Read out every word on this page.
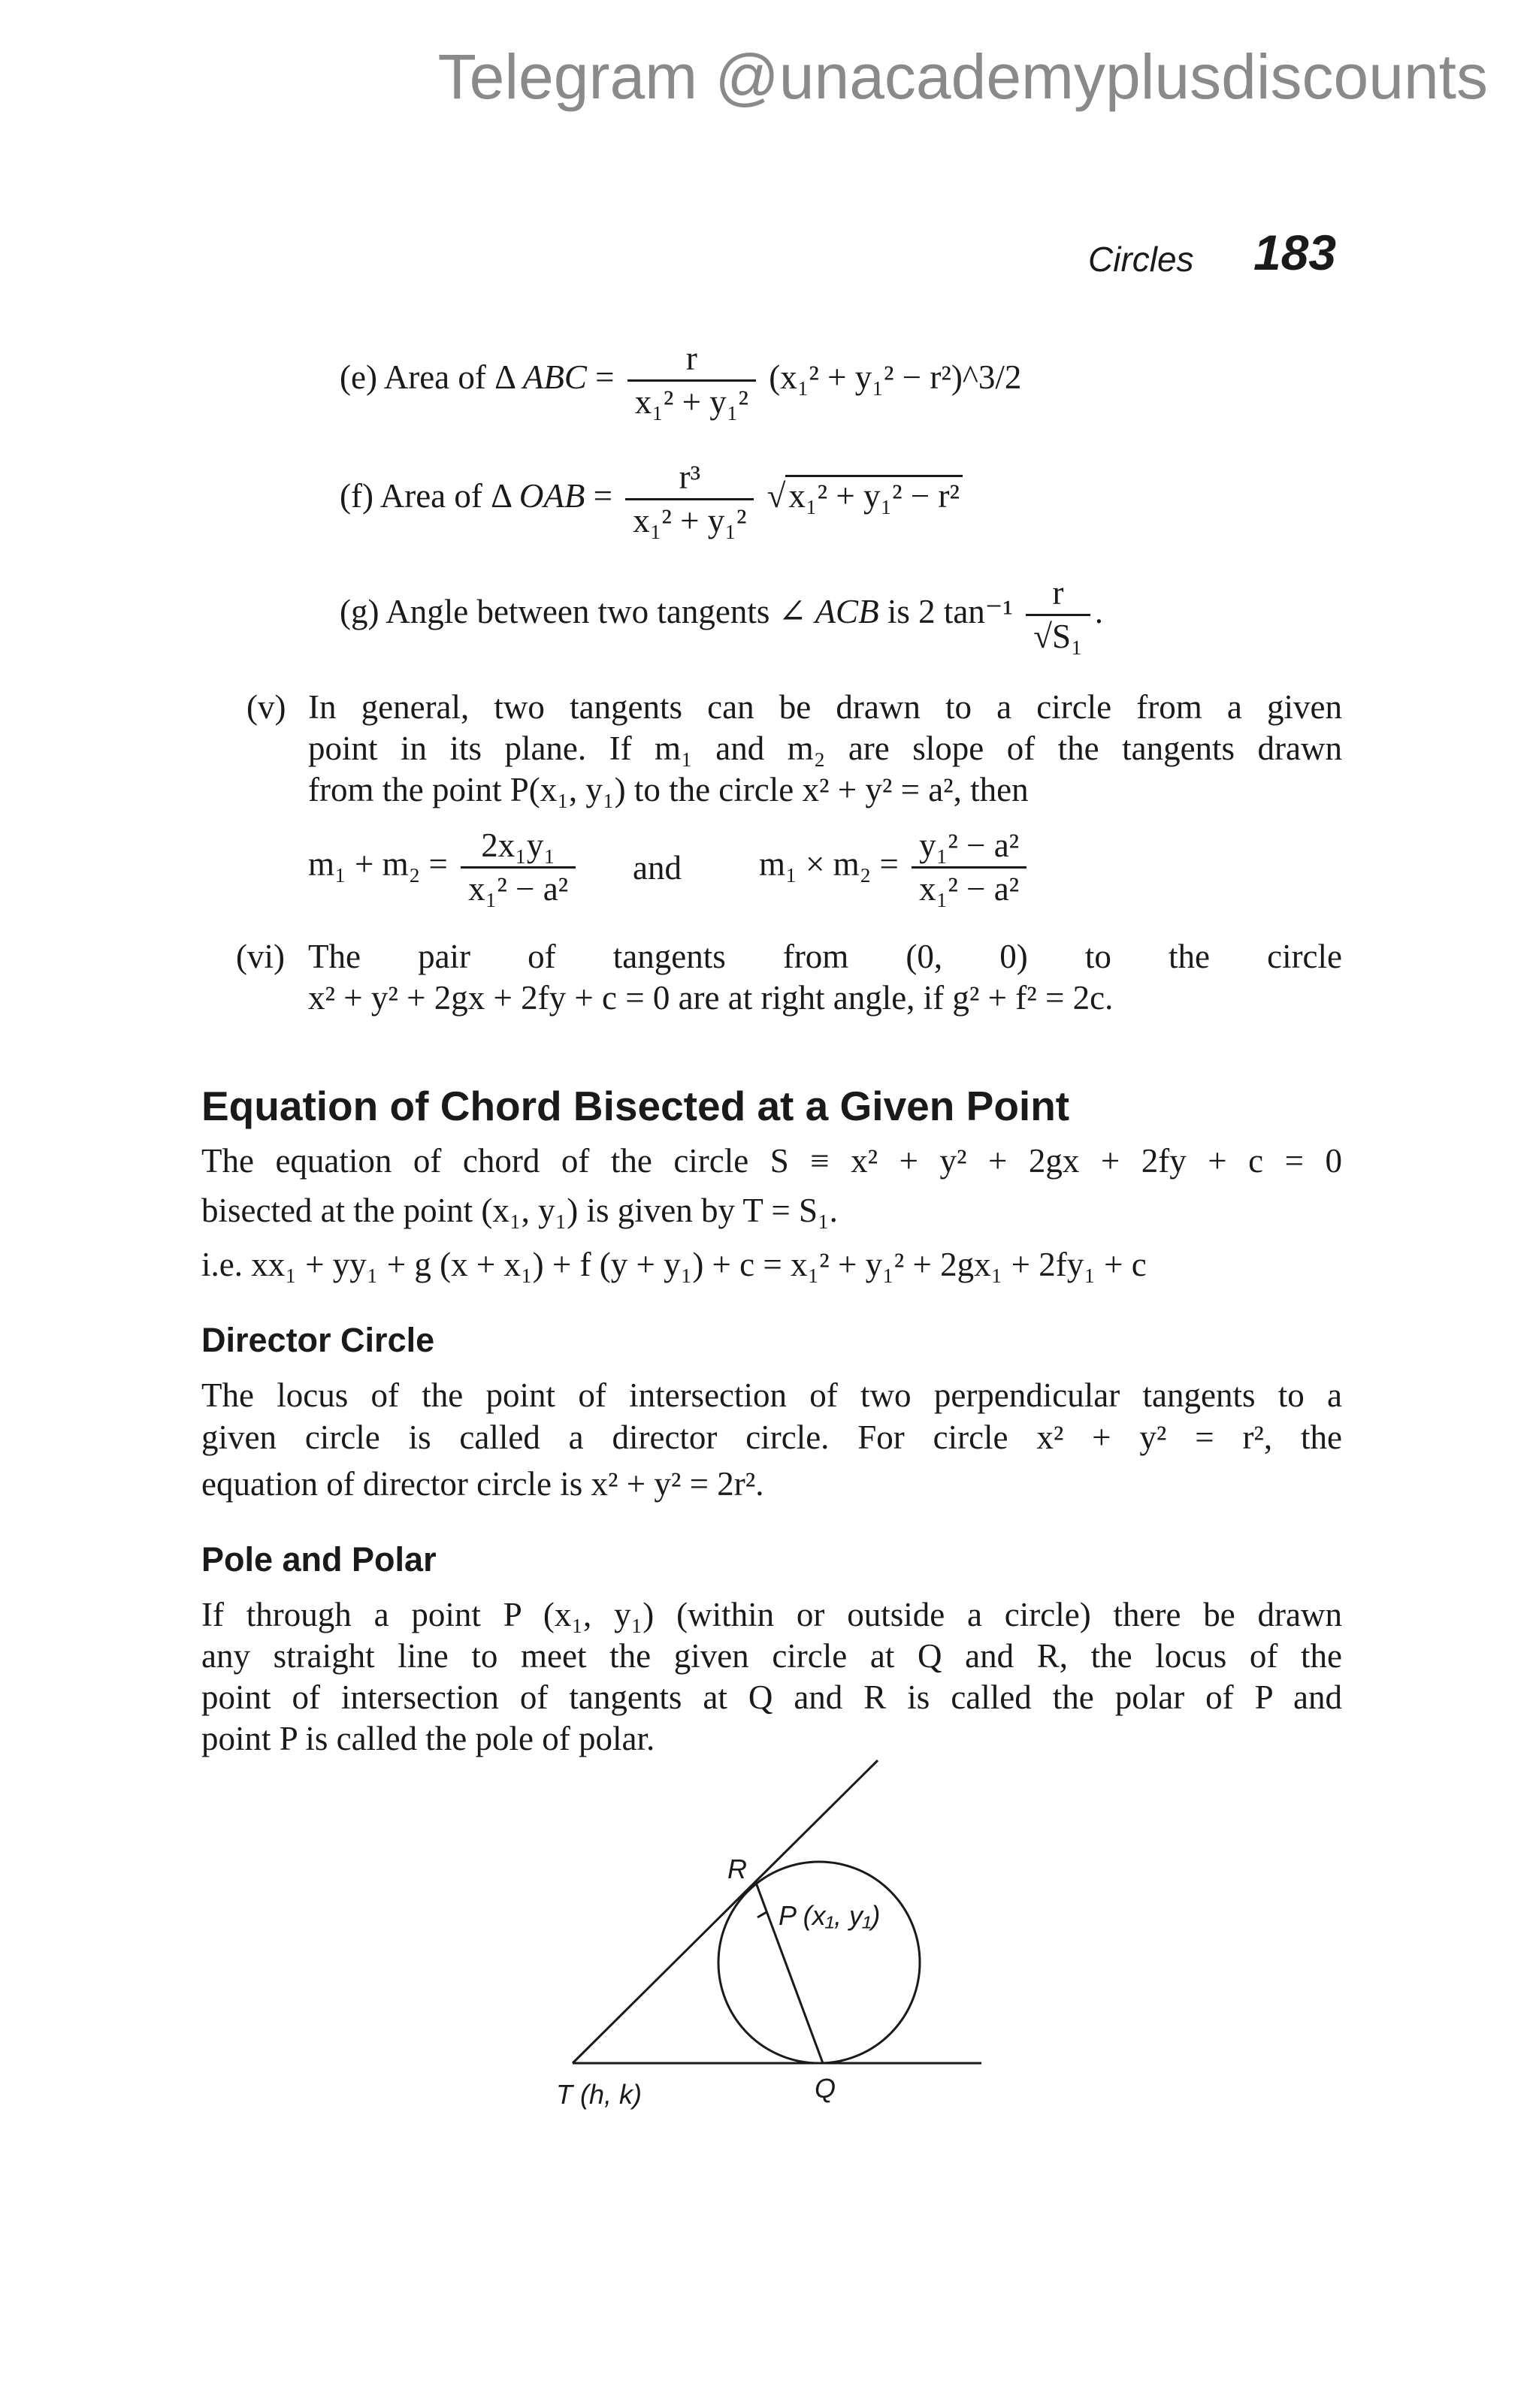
Telegram @unacademyplusdiscounts
Circles 183
(e) Area of Δ ABC = $\frac{r}{\text{x₁² + y₁²}} (x_1^2 + y_1^2$ − r²)^3/2
(f) Area of Δ OAB = $\frac{\text{r³}}{\text{x₁² + y₁²}} √x_1^2 + y_1^2 - r^2$
(g) Angle between two tangents ∠ ACB is 2 $\tan^{-1} \frac{r}{\text{√S₁}}$ .
(v) In general, two tangents can be drawn to a circle from a given
point in its plane. If m₁ and m₂ are slope of the tangents drawn
from the point P(x₁, y₁) to the circle x² + y² = a², then
$m_1 + m_2 = \frac{\text{2x₁y₁}}{\text{x₁² − a²}}$ and $m_1 \times m_2 = \frac{\text{y₁² − a²}}{\text{x₁² − a²}}$
(vi) The pair of tangents from (0, 0) to the circle
x² + y² + 2gx + 2fy + c = 0 are at right angle, if g² + f² = 2c.
Equation of Chord Bisected at a Given Point
The equation of chord of the circle S ≡ x² + y² + 2gx + 2fy + c = 0
bisected at the point (x₁, y₁) is given by T = S₁.
i.e. xx₁ + yy₁ + g (x + x₁) + f (y + y₁) + c = x₁² + y₁² + 2gx₁ + 2fy₁ + c
Director Circle
The locus of the point of intersection of two perpendicular tangents to a
given circle is called a director circle. For circle x² + y² = r², the
equation of director circle is x² + y² = 2r².
Pole and Polar
If through a point P (x₁, y₁) (within or outside a circle) there be drawn
any straight line to meet the given circle at Q and R, the locus of the
point of intersection of tangents at Q and R is called the polar of P and
point P is called the pole of polar.
R
P (x₁, y₁)
T (h, k)	Q
